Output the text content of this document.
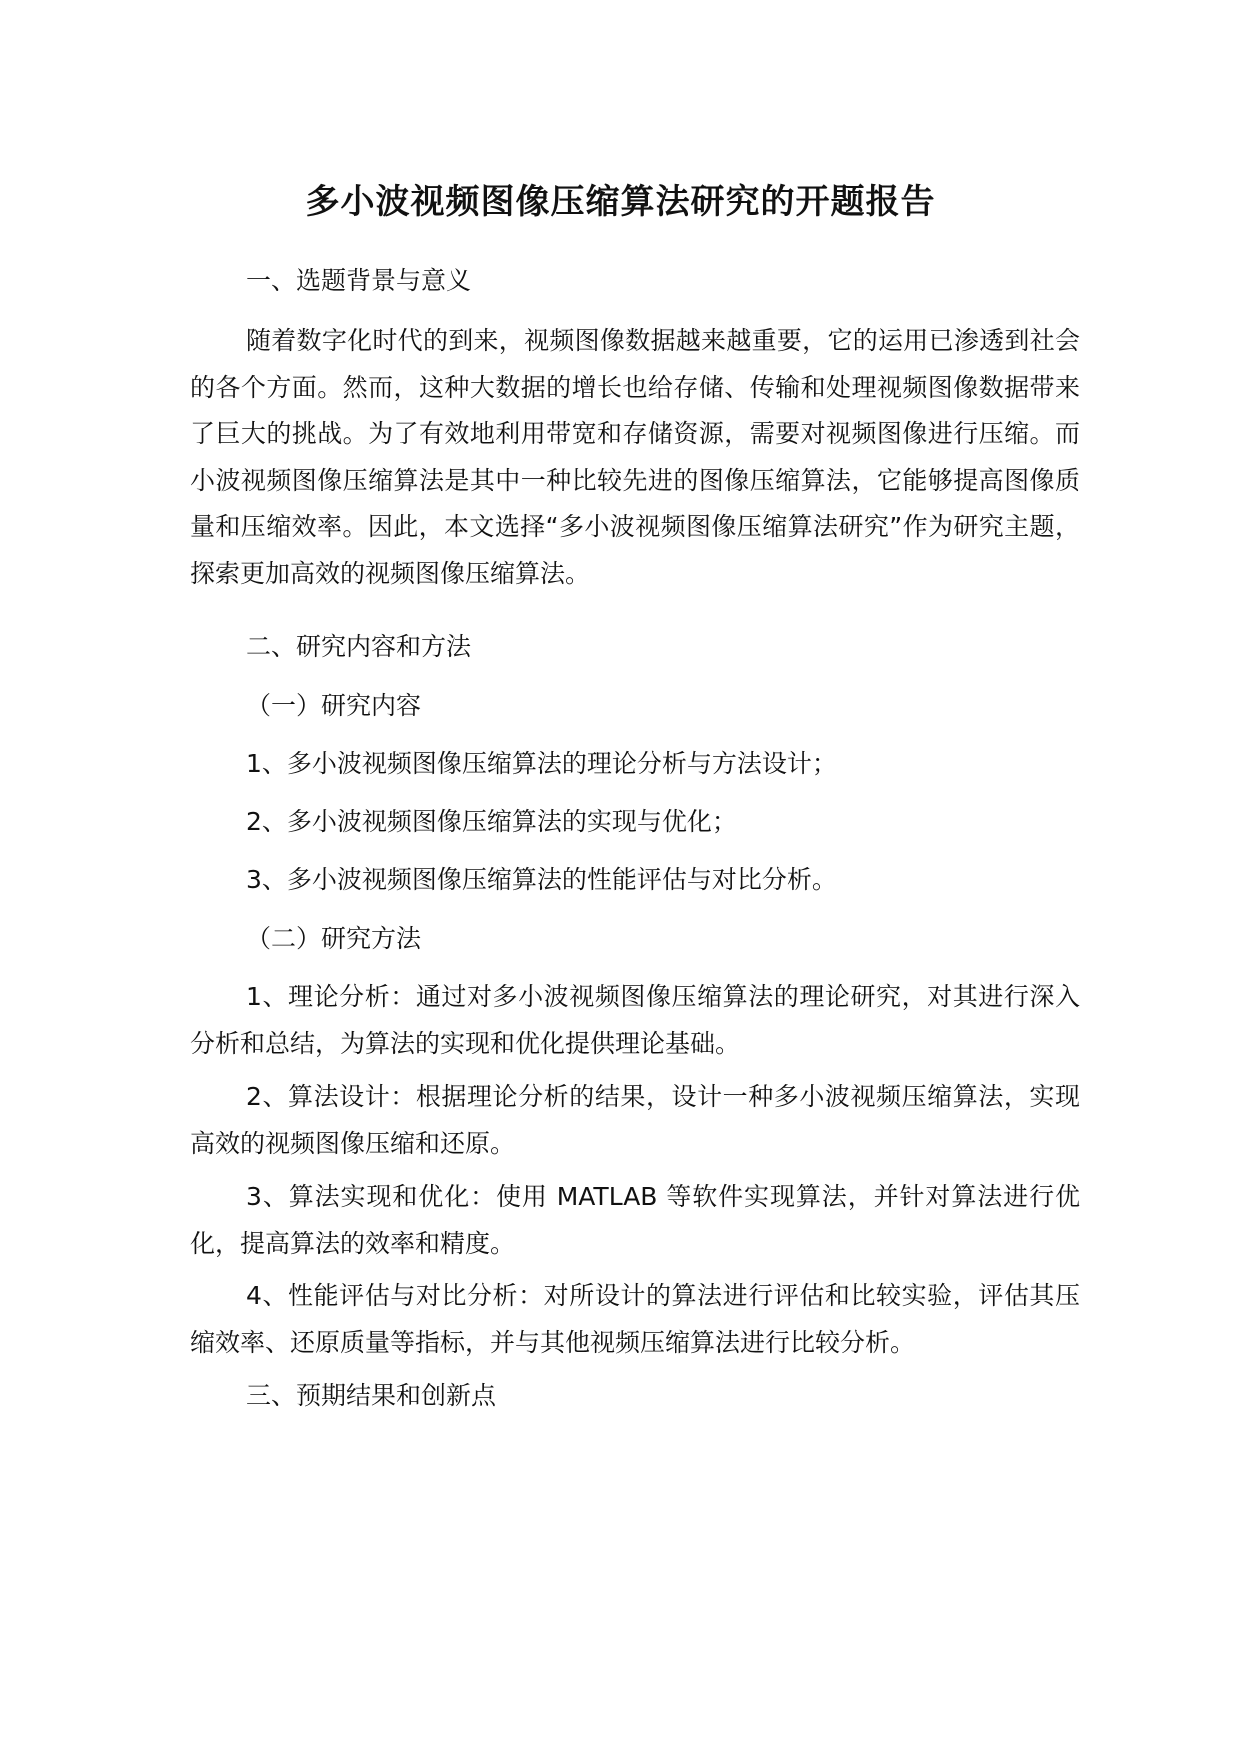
多小波视频图像压缩算法研究的开题报告

一、选题背景与意义

随着数字化时代的到来，视频图像数据越来越重要，它的运用已渗透到社会的各个方面。然而，这种大数据的增长也给存储、传输和处理视频图像数据带来了巨大的挑战。为了有效地利用带宽和存储资源，需要对视频图像进行压缩。而小波视频图像压缩算法是其中一种比较先进的图像压缩算法，它能够提高图像质量和压缩效率。因此，本文选择“多小波视频图像压缩算法研究”作为研究主题，探索更加高效的视频图像压缩算法。

二、研究内容和方法

（一）研究内容

1、多小波视频图像压缩算法的理论分析与方法设计；

2、多小波视频图像压缩算法的实现与优化；

3、多小波视频图像压缩算法的性能评估与对比分析。

（二）研究方法

1、理论分析：通过对多小波视频图像压缩算法的理论研究，对其进行深入分析和总结，为算法的实现和优化提供理论基础。

2、算法设计：根据理论分析的结果，设计一种多小波视频压缩算法，实现高效的视频图像压缩和还原。

3、算法实现和优化：使用 MATLAB 等软件实现算法，并针对算法进行优化，提高算法的效率和精度。

4、性能评估与对比分析：对所设计的算法进行评估和比较实验，评估其压缩效率、还原质量等指标，并与其他视频压缩算法进行比较分析。

三、预期结果和创新点
